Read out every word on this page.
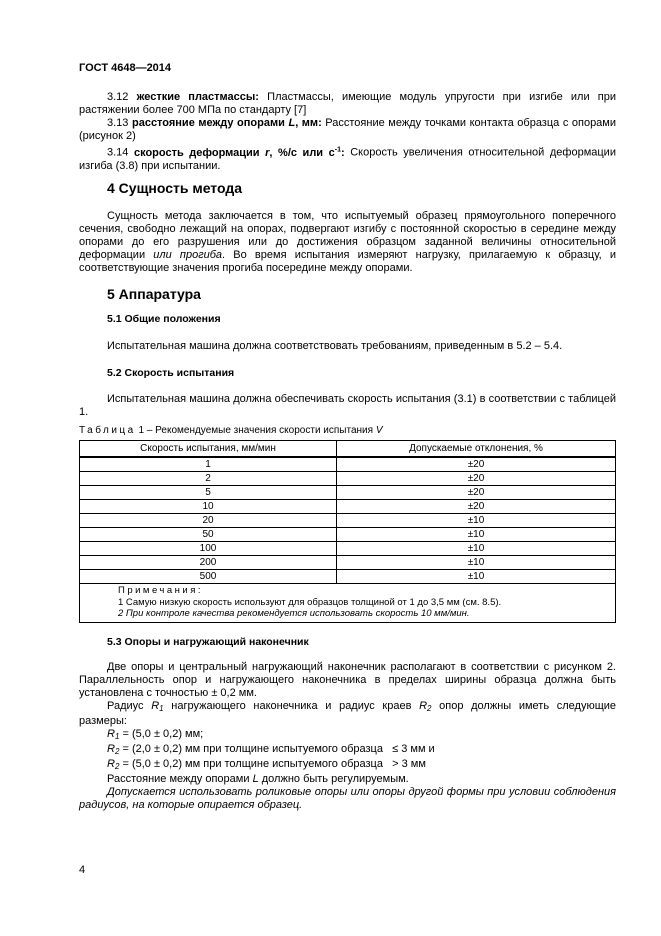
ГОСТ 4648—2014

3.12 жесткие пластмассы: Пластмассы, имеющие модуль упругости при изгибе или при растяжении более 700 МПа по стандарту [7]

3.13 расстояние между опорами L, мм: Расстояние между точками контакта образца с опорами (рисунок 2)

3.14 скорость деформации r, %/с или $с^{-1}$: Скорость увеличения относительной деформации изгиба (3.8) при испытании.

4 Сущность метода

Сущность метода заключается в том, что испытуемый образец прямоугольного поперечного сечения, свободно лежащий на опорах, подвергают изгибу с постоянной скоростью в середине между опорами до его разрушения или до достижения образцом заданной величины относительной деформации или прогиба. Во время испытания измеряют нагрузку, прилагаемую к образцу, и соответствующие значения прогиба посередине между опорами.

5 Аппаратура
5.1 Общие положения

Испытательная машина должна соответствовать требованиям, приведенным в 5.2 – 5.4.

5.2 Скорость испытания

Испытательная машина должна обеспечивать скорость испытания (3.1) в соответствии с таблицей 1.

Таблица 1 – Рекомендуемые значения скорости испытания V
Скорость испытания, мм/мин	Допускаемые отклонения, %
1	±20
2	±20
5	±20
10	±20
20	±10
50	±10
100	±10
200	±10
500	±10

Примечания:
1 Самую низкую скорость используют для образцов толщиной от 1 до 3,5 мм (см. 8.5).
2 При контроле качества рекомендуется использовать скорость 10 мм/мин.	
5.3 Опоры и нагружающий наконечник

Две опоры и центральный нагружающий наконечник располагают в соответствии с рисунком 2. Параллельность опор и нагружающего наконечника в пределах ширины образца должна быть установлена с точностью ± 0,2 мм.

Радиус $R_1$ нагружающего наконечника и радиус краев $R_2$ опор должны иметь следующие размеры:

$R_1 = (5,0 \pm 0,2)$ мм;
$R_2 = (2,0 \pm 0,2)$ мм при толщине испытуемого образца   ≤ 3 мм и
$R_2 = (5,0 \pm 0,2)$ мм при толщине испытуемого образца   > 3 мм
Расстояние между опорами L должно быть регулируемым.

Допускается использовать роликовые опоры или опоры другой формы при условии соблюдения радиусов, на которые опирается образец.

4
